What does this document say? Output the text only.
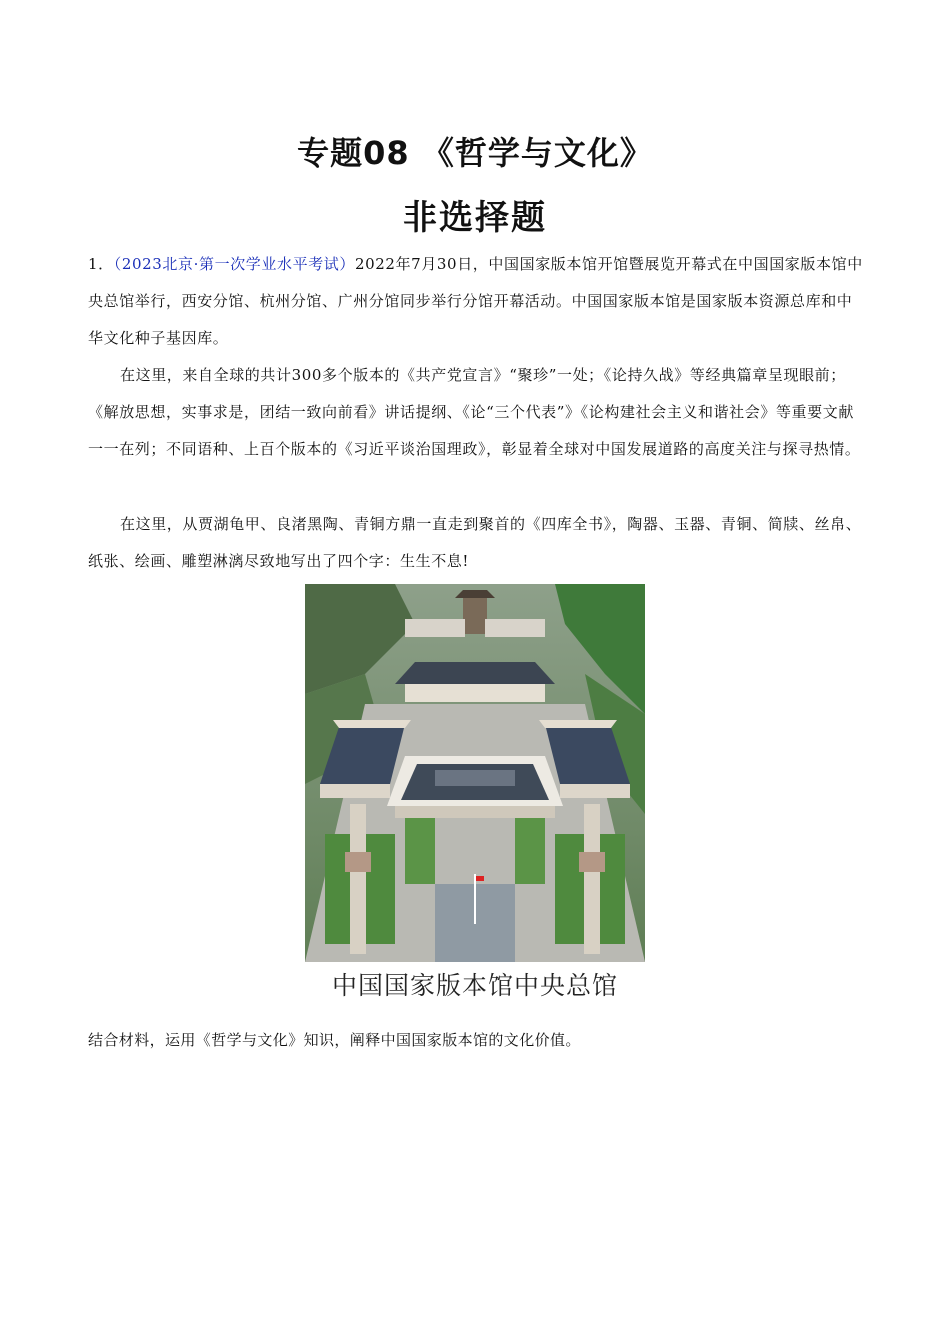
专题08 《哲学与文化》
非选择题
1．（2023北京·第一次学业水平考试）2022年7月30日，中国国家版本馆开馆暨展览开幕式在中国国家版本馆中央总馆举行，西安分馆、杭州分馆、广州分馆同步举行分馆开幕活动。中国国家版本馆是国家版本资源总库和中华文化种子基因库。
在这里，来自全球的共计300多个版本的《共产党宣言》“聚珍”一处；《论持久战》等经典篇章呈现眼前；《解放思想，实事求是，团结一致向前看》讲话提纲、《论“三个代表”》《论构建社会主义和谐社会》等重要文献一一在列；不同语种、上百个版本的《习近平谈治国理政》，彰显着全球对中国发展道路的高度关注与探寻热情。
在这里，从贾湖龟甲、良渚黑陶、青铜方鼎一直走到聚首的《四库全书》，陶器、玉器、青铜、简牍、丝帛、纸张、绘画、雕塑淋漓尽致地写出了四个字：生生不息!
中国国家版本馆中央总馆
结合材料，运用《哲学与文化》知识，阐释中国国家版本馆的文化价值。
